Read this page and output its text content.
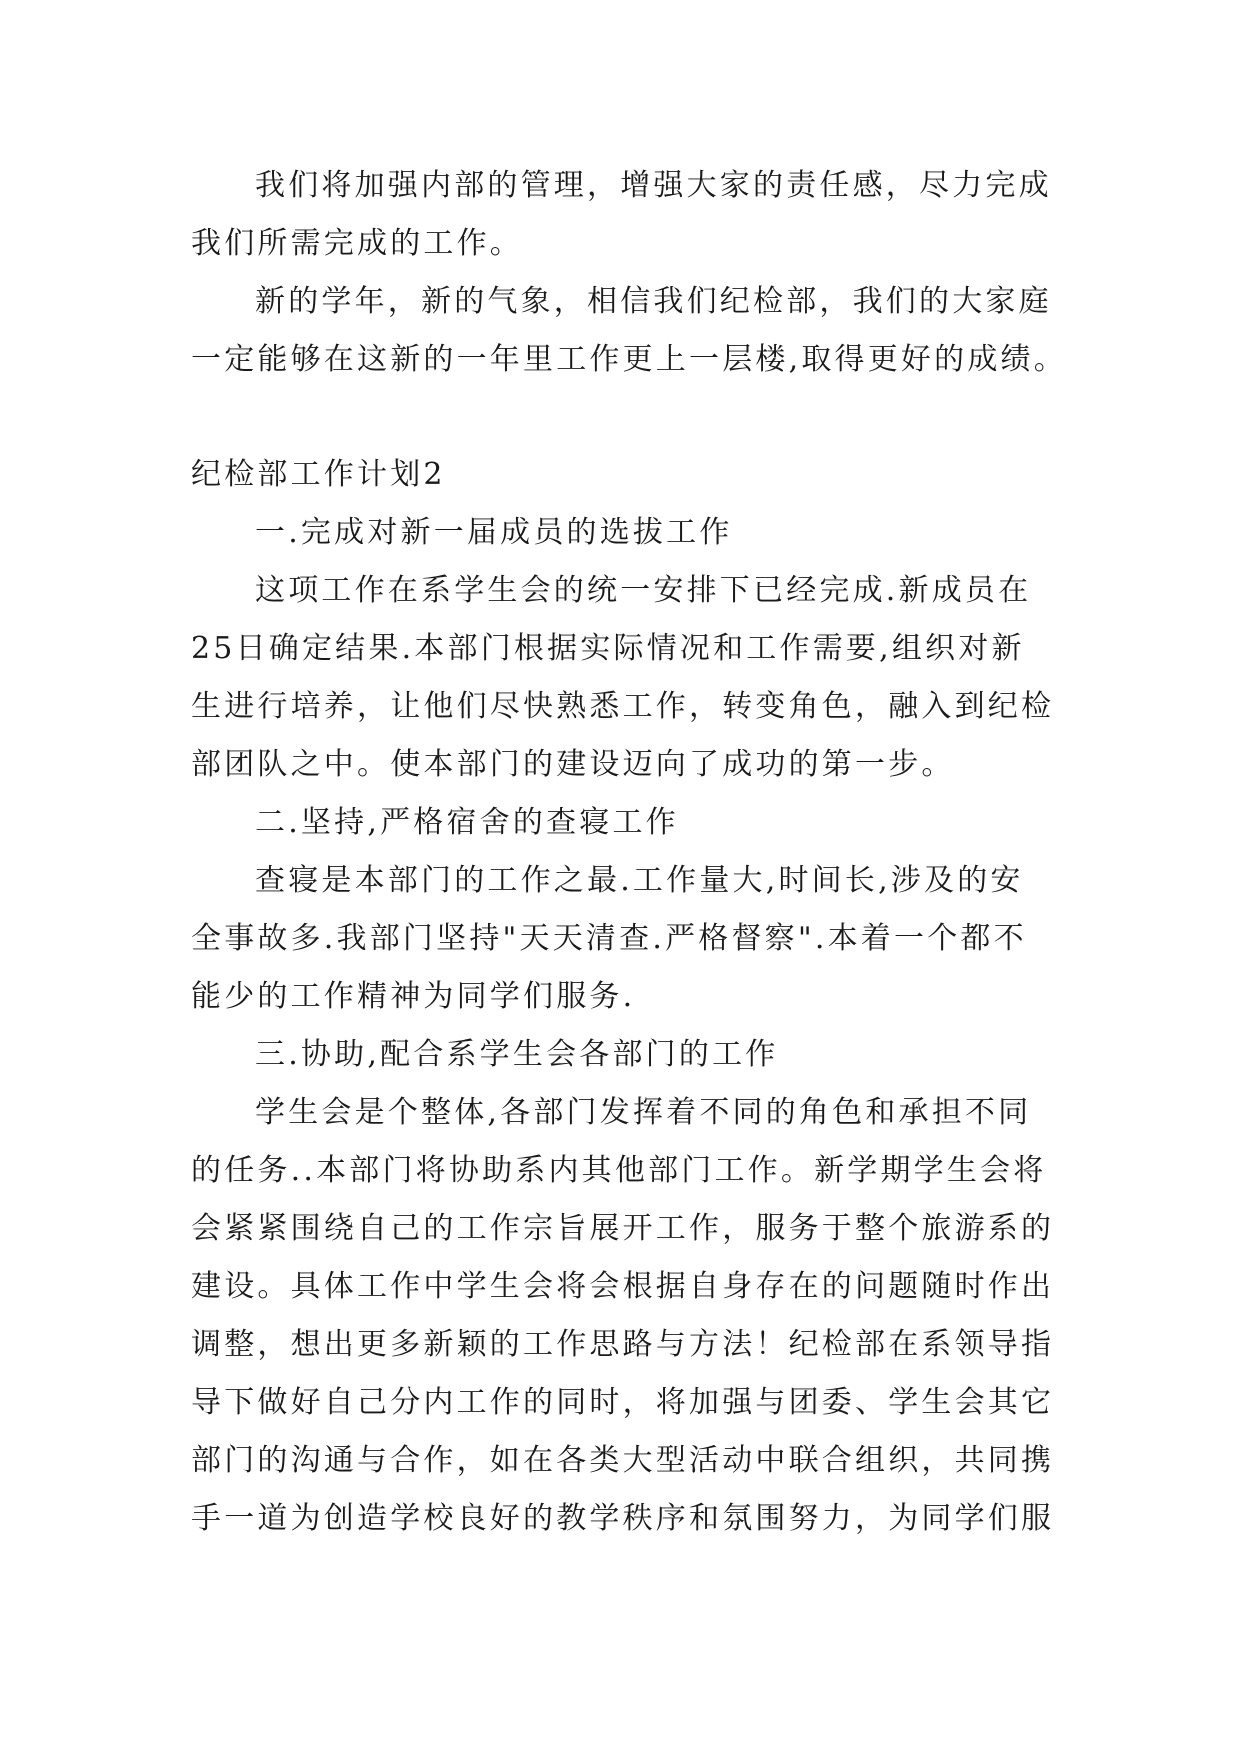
我们将加强内部的管理，增强大家的责任感，尽力完成
我们所需完成的工作。
新的学年，新的气象，相信我们纪检部，我们的大家庭
一定能够在这新的一年里工作更上一层楼,取得更好的成绩。
纪检部工作计划2
一.完成对新一届成员的选拔工作
这项工作在系学生会的统一安排下已经完成.新成员在
25日确定结果.本部门根据实际情况和工作需要,组织对新
生进行培养，让他们尽快熟悉工作，转变角色，融入到纪检
部团队之中。使本部门的建设迈向了成功的第一步。
二.坚持,严格宿舍的查寝工作
查寝是本部门的工作之最.工作量大,时间长,涉及的安
全事故多.我部门坚持"天天清查.严格督察".本着一个都不
能少的工作精神为同学们服务.
三.协助,配合系学生会各部门的工作
学生会是个整体,各部门发挥着不同的角色和承担不同
的任务..本部门将协助系内其他部门工作。新学期学生会将
会紧紧围绕自己的工作宗旨展开工作，服务于整个旅游系的
建设。具体工作中学生会将会根据自身存在的问题随时作出
调整，想出更多新颖的工作思路与方法！纪检部在系领导指
导下做好自己分内工作的同时，将加强与团委、学生会其它
部门的沟通与合作，如在各类大型活动中联合组织，共同携
手一道为创造学校良好的教学秩序和氛围努力，为同学们服
